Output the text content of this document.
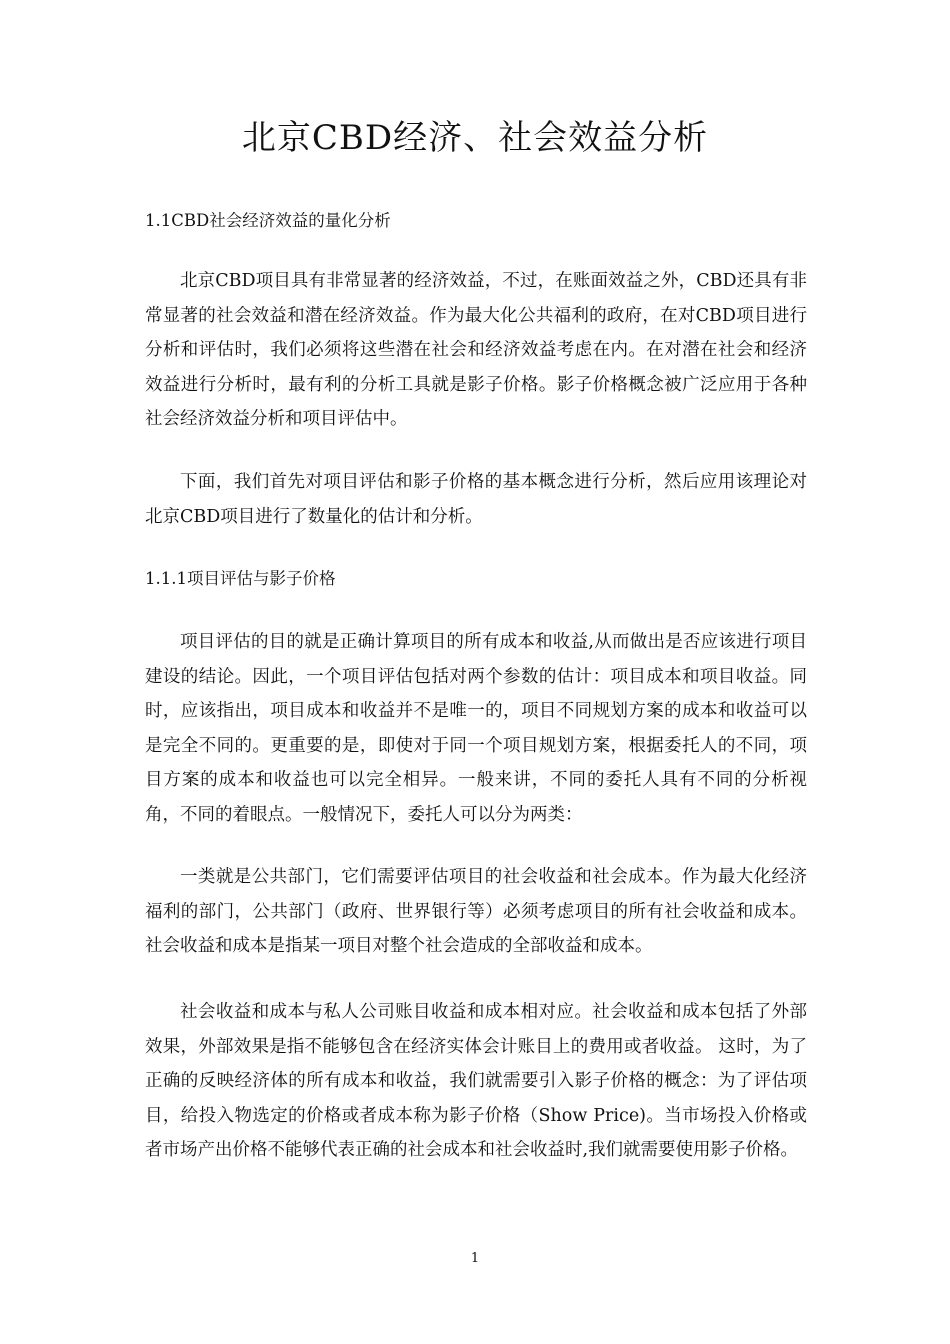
北京CBD经济、社会效益分析
1.1CBD社会经济效益的量化分析

北京CBD项目具有非常显著的经济效益，不过，在账面效益之外，CBD还具有非常显著的社会效益和潜在经济效益。作为最大化公共福利的政府，在对CBD项目进行分析和评估时，我们必须将这些潜在社会和经济效益考虑在内。在对潜在社会和经济效益进行分析时，最有利的分析工具就是影子价格。影子价格概念被广泛应用于各种社会经济效益分析和项目评估中。

下面，我们首先对项目评估和影子价格的基本概念进行分析，然后应用该理论对北京CBD项目进行了数量化的估计和分析。

1.1.1项目评估与影子价格

项目评估的目的就是正确计算项目的所有成本和收益,从而做出是否应该进行项目建设的结论。因此，一个项目评估包括对两个参数的估计：项目成本和项目收益。同时，应该指出，项目成本和收益并不是唯一的，项目不同规划方案的成本和收益可以是完全不同的。更重要的是，即使对于同一个项目规划方案，根据委托人的不同，项目方案的成本和收益也可以完全相异。一般来讲，不同的委托人具有不同的分析视角，不同的着眼点。一般情况下，委托人可以分为两类：

一类就是公共部门，它们需要评估项目的社会收益和社会成本。作为最大化经济福利的部门，公共部门（政府、世界银行等）必须考虑项目的所有社会收益和成本。社会收益和成本是指某一项目对整个社会造成的全部收益和成本。

社会收益和成本与私人公司账目收益和成本相对应。社会收益和成本包括了外部效果，外部效果是指不能够包含在经济实体会计账目上的费用或者收益。 这时，为了正确的反映经济体的所有成本和收益，我们就需要引入影子价格的概念：为了评估项目，给投入物选定的价格或者成本称为影子价格（Show Price)。当市场投入价格或者市场产出价格不能够代表正确的社会成本和社会收益时,我们就需要使用影子价格。

1
